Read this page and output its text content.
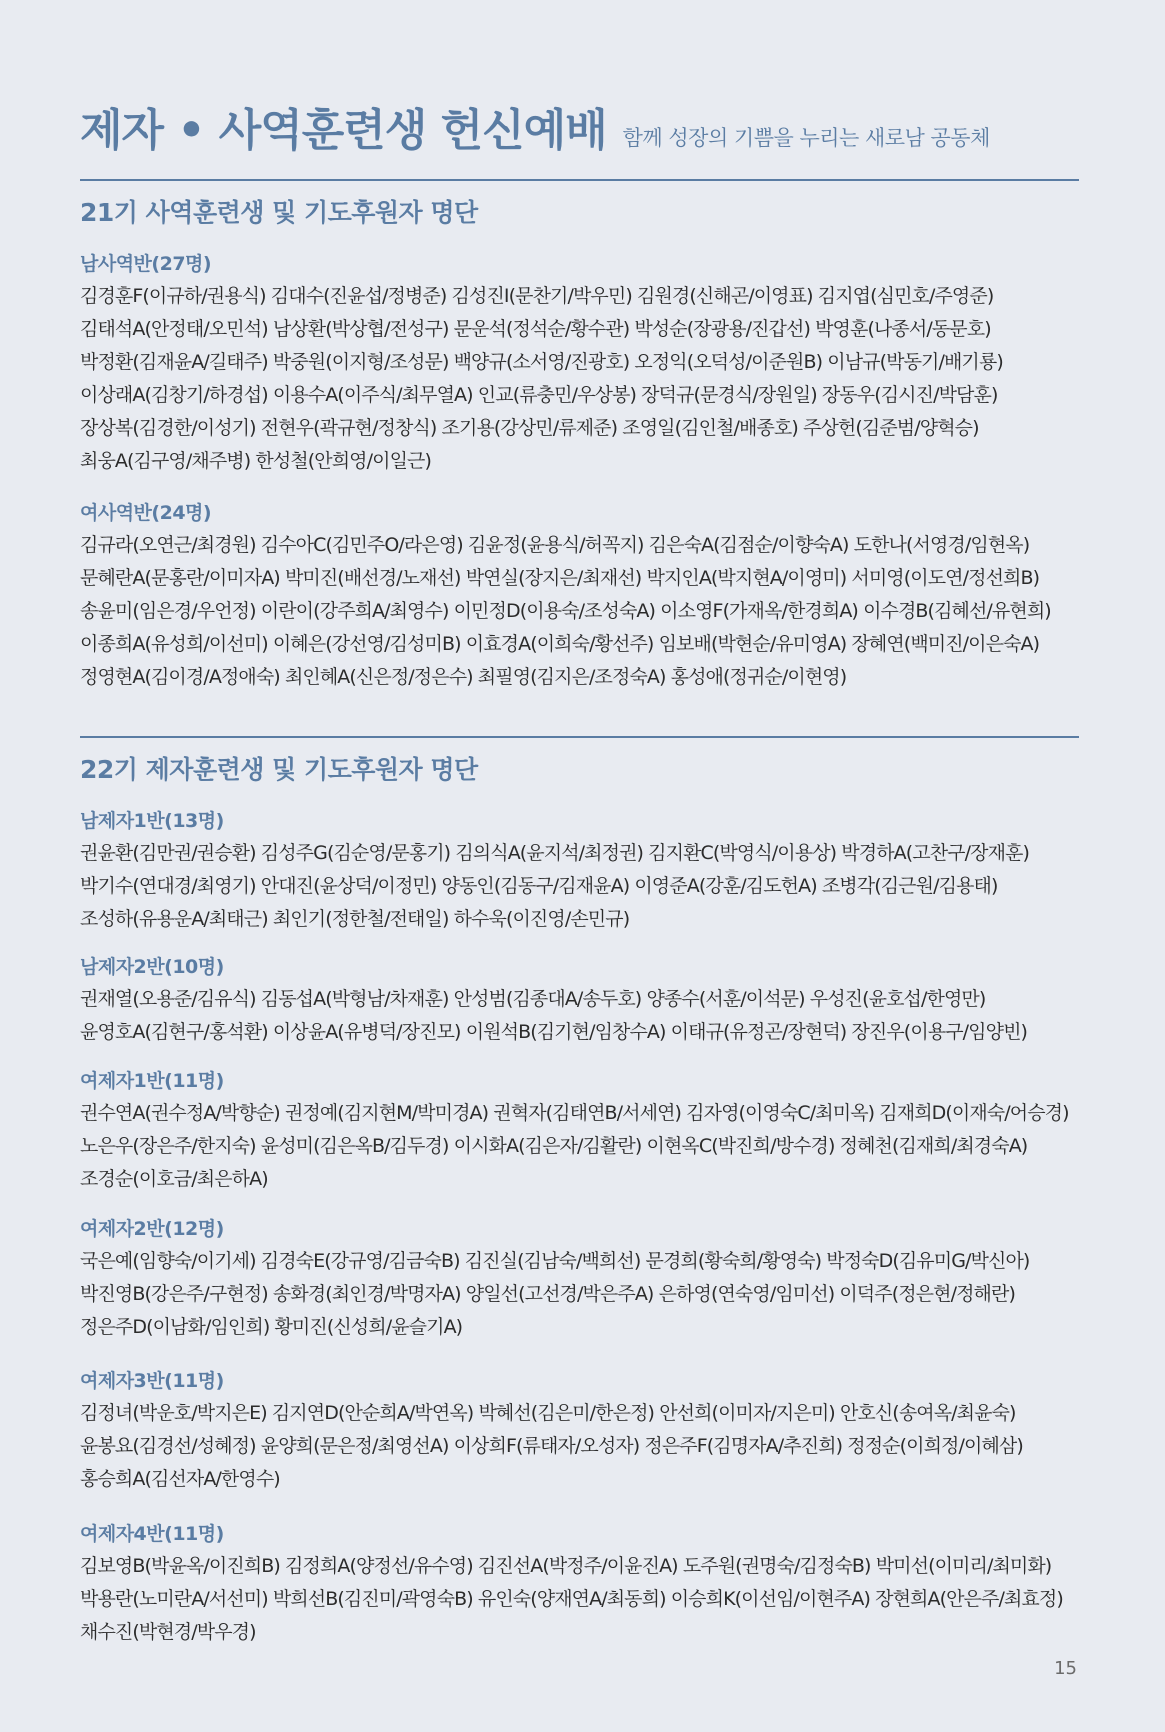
제자 • 사역훈련생 헌신예배 함께 성장의 기쁨을 누리는 새로남 공동체
21기 사역훈련생 및 기도후원자 명단
남사역반(27명)
김경훈F(이규하/권용식) 김대수(진윤섭/정병준) 김성진I(문찬기/박우민) 김원경(신해곤/이영표) 김지엽(심민호/주영준)
김태석A(안정태/오민석) 남상환(박상협/전성구) 문운석(정석순/황수관) 박성순(장광용/진갑선) 박영훈(나종서/동문호)
박정환(김재윤A/길태주) 박중원(이지형/조성문) 백양규(소서영/진광호) 오정익(오덕성/이준원B) 이남규(박동기/배기룡)
이상래A(김창기/하경섭) 이용수A(이주식/최무열A) 인교(류충민/우상봉) 장덕규(문경식/장원일) 장동우(김시진/박담훈)
장상복(김경한/이성기) 전현우(곽규현/정창식) 조기용(강상민/류제준) 조영일(김인철/배종호) 주상헌(김준범/양혁승)
최웅A(김구영/채주병) 한성철(안희영/이일근)
여사역반(24명)
김규라(오연근/최경원) 김수아C(김민주O/라은영) 김윤정(윤용식/허꼭지) 김은숙A(김점순/이향숙A) 도한나(서영경/임현옥)
문혜란A(문홍란/이미자A) 박미진(배선경/노재선) 박연실(장지은/최재선) 박지인A(박지현A/이영미) 서미영(이도연/정선희B)
송윤미(임은경/우언정) 이란이(강주희A/최영수) 이민정D(이용숙/조성숙A) 이소영F(가재옥/한경희A) 이수경B(김혜선/유현희)
이종희A(유성희/이선미) 이혜은(강선영/김성미B) 이효경A(이희숙/황선주) 임보배(박현순/유미영A) 장혜연(백미진/이은숙A)
정영현A(김이경/A정애숙) 최인혜A(신은정/정은수) 최필영(김지은/조정숙A) 홍성애(정귀순/이현영)
22기 제자훈련생 및 기도후원자 명단
남제자1반(13명)
권윤환(김만권/권승환) 김성주G(김순영/문홍기) 김의식A(윤지석/최정권) 김지환C(박영식/이용상) 박경하A(고찬구/장재훈)
박기수(연대경/최영기) 안대진(윤상덕/이정민) 양동인(김동구/김재윤A) 이영준A(강훈/김도헌A) 조병각(김근원/김용태)
조성하(유용운A/최태근) 최인기(정한철/전태일) 하수욱(이진영/손민규)
남제자2반(10명)
권재열(오용준/김유식) 김동섭A(박형남/차재훈) 안성범(김종대A/송두호) 양종수(서훈/이석문) 우성진(윤호섭/한영만)
윤영호A(김현구/홍석환) 이상윤A(유병덕/장진모) 이원석B(김기현/임창수A) 이태규(유정곤/장현덕) 장진우(이용구/임양빈)
여제자1반(11명)
권수연A(권수정A/박향순) 권정예(김지현M/박미경A) 권혁자(김태연B/서세연) 김자영(이영숙C/최미옥) 김재희D(이재숙/어승경)
노은우(장은주/한지숙) 윤성미(김은옥B/김두경) 이시화A(김은자/김활란) 이현옥C(박진희/방수경) 정혜천(김재희/최경숙A)
조경순(이호금/최은하A)
여제자2반(12명)
국은예(임향숙/이기세) 김경숙E(강규영/김금숙B) 김진실(김남숙/백희선) 문경희(황숙희/황영숙) 박정숙D(김유미G/박신아)
박진영B(강은주/구현정) 송화경(최인경/박명자A) 양일선(고선경/박은주A) 은하영(연숙영/임미선) 이덕주(정은현/정해란)
정은주D(이남화/임인희) 황미진(신성희/윤슬기A)
여제자3반(11명)
김정녀(박운호/박지은E) 김지연D(안순희A/박연옥) 박혜선(김은미/한은정) 안선희(이미자/지은미) 안호신(송여옥/최윤숙)
윤봉요(김경선/성혜정) 윤양희(문은정/최영선A) 이상희F(류태자/오성자) 정은주F(김명자A/추진희) 정정순(이희정/이혜삼)
홍승희A(김선자A/한영수)
여제자4반(11명)
김보영B(박윤옥/이진희B) 김정희A(양정선/유수영) 김진선A(박정주/이윤진A) 도주원(권명숙/김정숙B) 박미선(이미리/최미화)
박용란(노미란A/서선미) 박희선B(김진미/곽영숙B) 유인숙(양재연A/최동희) 이승희K(이선임/이현주A) 장현희A(안은주/최효정)
채수진(박현경/박우경)
15
